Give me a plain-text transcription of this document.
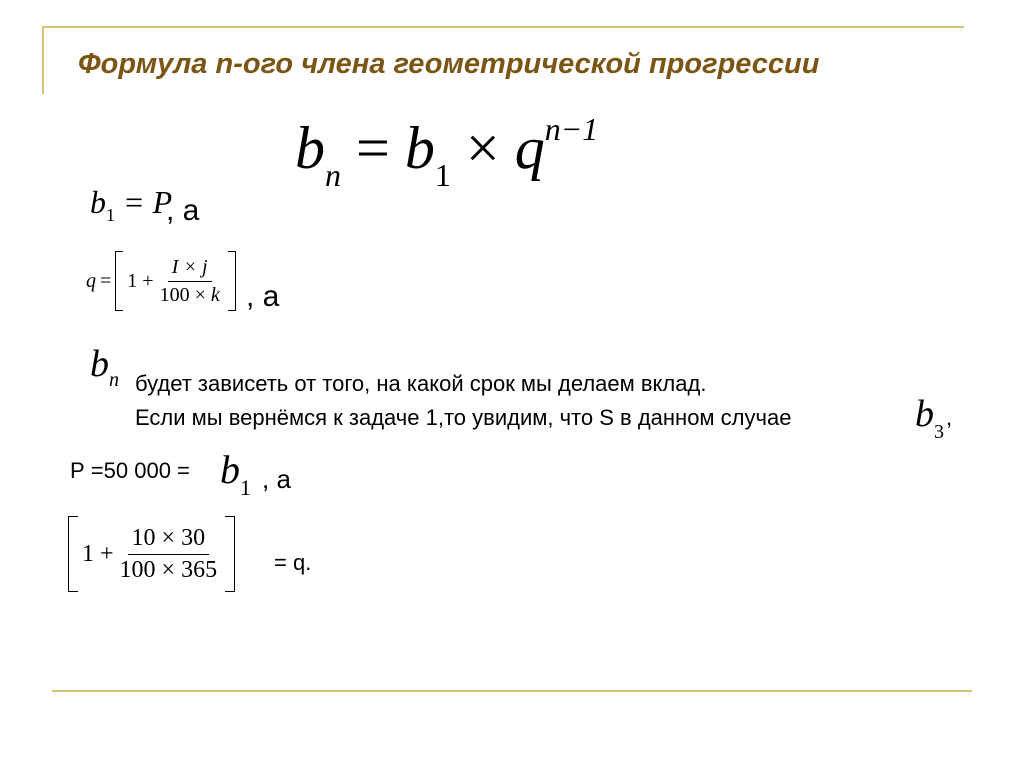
Формула n-ого члена геометрической прогрессии
$b_n = b_1 \times q^{n-1}$
$b_1 = P$
, а
$q = 1 + \frac{I \times j}{100 \times k}$ , а
$b_n$ будет зависеть от того, на какой срок мы делаем вклад.
Если мы вернёмся к задаче 1,то увидим, что S в данном случае	$b_3$
,
Р =50 $000 = b_1$ , а
$1 + \frac{10 \times 30}{100 \times 365} = q$.
